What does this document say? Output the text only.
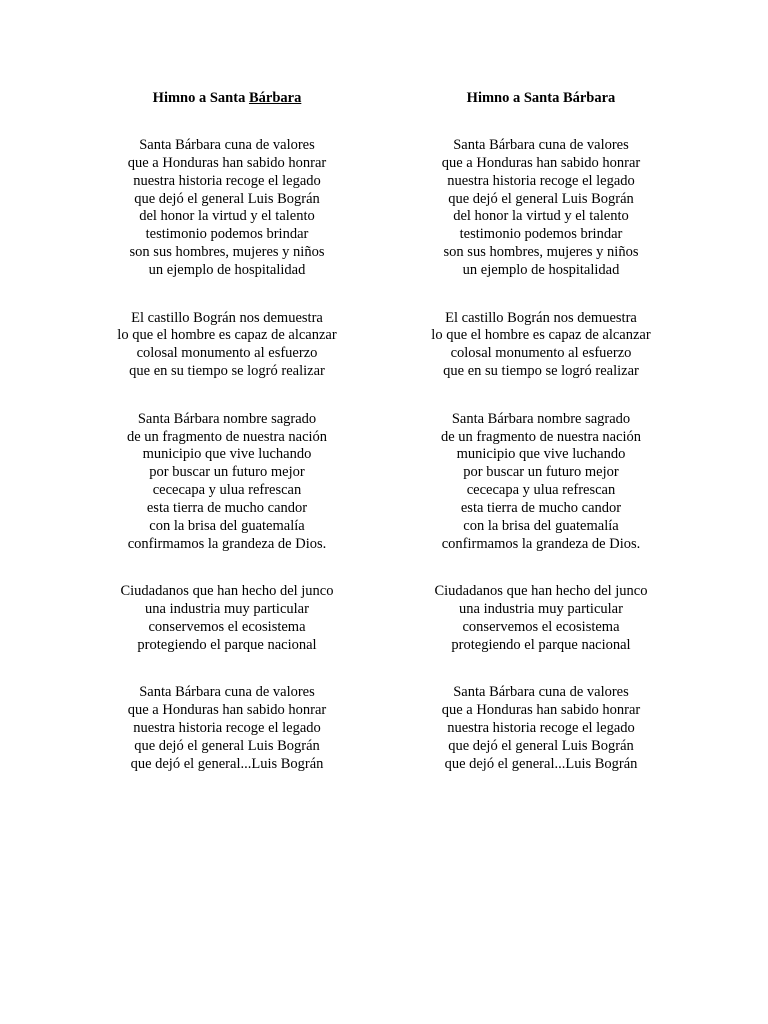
Himno a Santa Bárbara

Santa Bárbara cuna de valores
que a Honduras han sabido honrar
nuestra historia recoge el legado
que dejó el general Luis Bográn
del honor la virtud y el talento
testimonio podemos brindar
son sus hombres, mujeres y niños
un ejemplo de hospitalidad
El castillo Bográn nos demuestra
lo que el hombre es capaz de alcanzar
colosal monumento al esfuerzo
que en su tiempo se logró realizar
Santa Bárbara nombre sagrado
de un fragmento de nuestra nación
municipio que vive luchando
por buscar un futuro mejor
cececapa y ulua refrescan
esta tierra de mucho candor
con la brisa del guatemalía
confirmamos la grandeza de Dios.
Ciudadanos que han hecho del junco
una industria muy particular
conservemos el ecosistema
protegiendo el parque nacional
Santa Bárbara cuna de valores
que a Honduras han sabido honrar
nuestra historia recoge el legado
que dejó el general Luis Bográn
que dejó el general...Luis Bográn

Himno a Santa Bárbara

Santa Bárbara cuna de valores
que a Honduras han sabido honrar
nuestra historia recoge el legado
que dejó el general Luis Bográn
del honor la virtud y el talento
testimonio podemos brindar
son sus hombres, mujeres y niños
un ejemplo de hospitalidad
El castillo Bográn nos demuestra
lo que el hombre es capaz de alcanzar
colosal monumento al esfuerzo
que en su tiempo se logró realizar
Santa Bárbara nombre sagrado
de un fragmento de nuestra nación
municipio que vive luchando
por buscar un futuro mejor
cececapa y ulua refrescan
esta tierra de mucho candor
con la brisa del guatemalía
confirmamos la grandeza de Dios.
Ciudadanos que han hecho del junco
una industria muy particular
conservemos el ecosistema
protegiendo el parque nacional
Santa Bárbara cuna de valores
que a Honduras han sabido honrar
nuestra historia recoge el legado
que dejó el general Luis Bográn
que dejó el general...Luis Bográn
